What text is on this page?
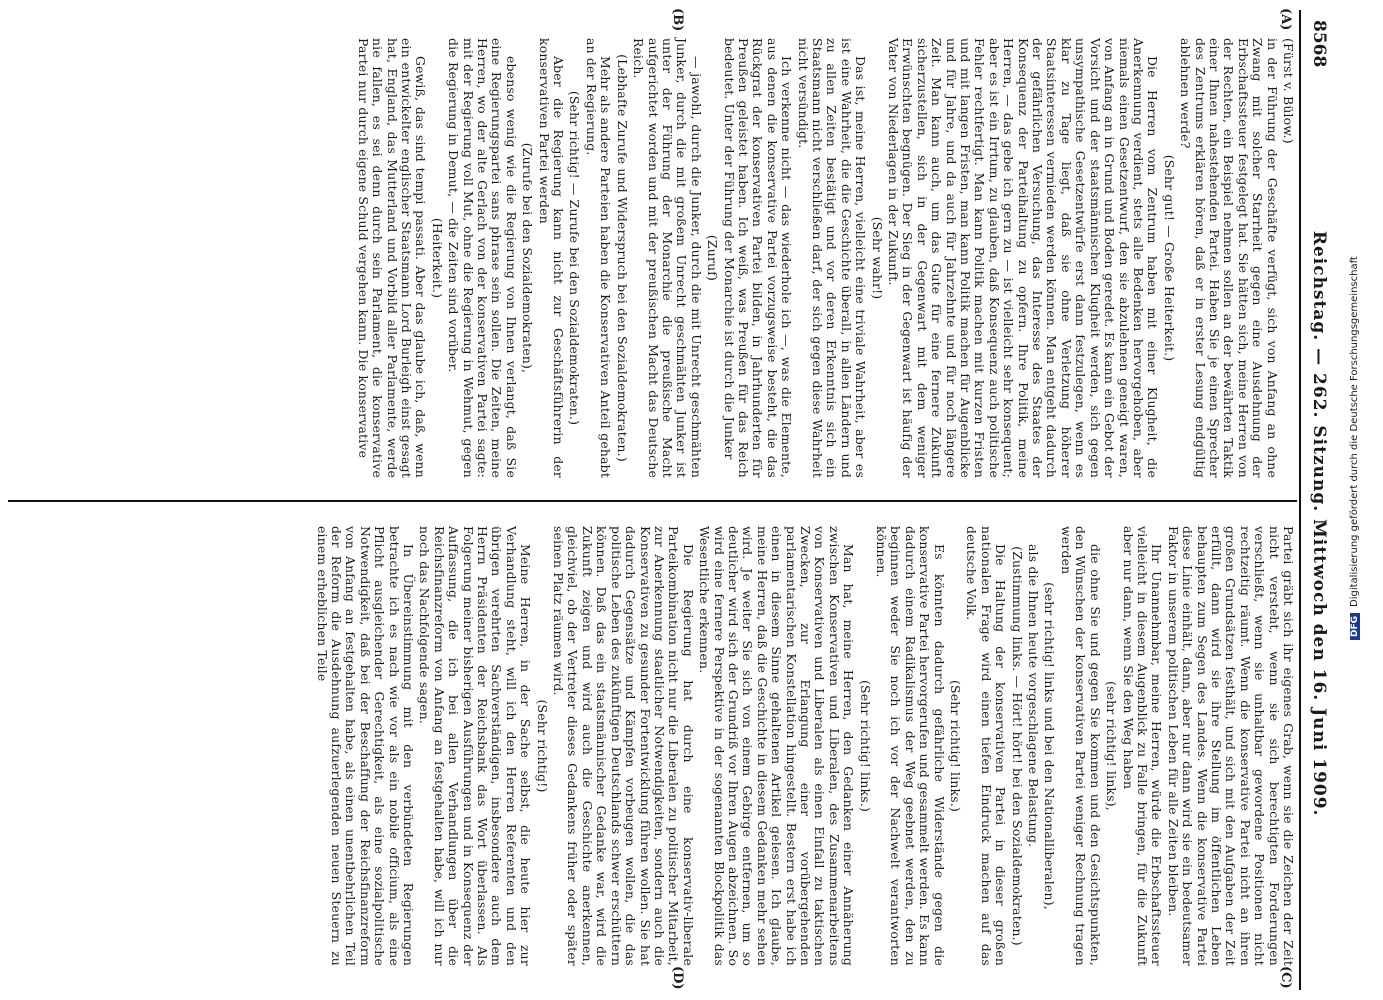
8568
Reichstag. — 262. Sitzung. Mittwoch den 16. Juni 1909.
(A)
(B)
(C)
(D)

(Fürst v. Bülow.)

in der Führung der Geschäfte verfügt, sich von Anfang an ohne Zwang mit solcher Starrheit gegen eine Ausdehnung der Erbschaftssteuer festgelegt hat. Sie hätten sich, meine Herren von der Rechten, ein Beispiel nehmen sollen an der bewährten Taktik einer Ihnen nahestehenden Partei. Haben Sie je einen Sprecher des Zentrums erklären hören, daß er in erster Lesung endgültig ablehnen werde?

(Sehr gut! — Große Heiterkeit.)

Die Herren vom Zentrum haben mit einer Klugheit, die Anerkennung verdient, stets alle Bedenken hervorgehoben, aber niemals einen Gesetzentwurf, den sie abzulehnen geneigt waren, von Anfang an in Grund und Boden geredet. Es kann ein Gebot der Vorsicht und der staatsmännischen Klugheit werden, sich gegen unsympathische Gesetzentwürfe erst dann festzulegen, wenn es klar zu Tage liegt, daß sie ohne Verletzung höherer Staatsinteressen vermieden werden können. Man entgeht dadurch der gefährlichen Versuchung, das Interesse des Staates der Konsequenz der Parteihaltung zu opfern. Ihre Politik, meine Herren, — das gebe ich gern zu — ist vielleicht sehr konsequent; aber es ist ein Irrtum, zu glauben, daß Konsequenz auch politische Fehler rechtfertigt. Man kann Politik machen mit kurzen Fristen und mit langen Fristen, man kann Politik machen für Augenblicke und für Jahre, und da auch für Jahrzehnte und für noch längere Zeit. Man kann auch, um das Gute für eine fernere Zukunft sicherzustellen, sich in der Gegenwart mit dem weniger Erwünschten begnügen. Der Sieg in der Gegenwart ist häufig der Vater von Niederlagen in der Zukunft.

(Sehr wahr!)

Das ist, meine Herren, vielleicht eine triviale Wahrheit, aber es ist eine Wahrheit, die die Geschichte überall, in allen Ländern und zu allen Zeiten bestätigt und vor deren Erkenntnis sich ein Staatsmann nicht verschließen darf, der sich gegen diese Wahrheit nicht versündigt.

Ich verkenne nicht — das wiederhole ich —, was die Elemente, aus denen die konservative Partei vorzugsweise besteht, die das Rückgrat der konservativen Partei bilden, in Jahrhunderten für Preußen geleistet haben. Ich weiß, was Preußen für das Reich bedeutet. Unter der Führung der Monarchie ist durch die Junker

(Zuruf)

— jawohl, durch die Junker, durch die mit Unrecht geschmähten Junker, durch die mit großem Unrecht geschmähten Junker ist unter der Führung der Monarchie die preußische Macht aufgerichtet worden und mit der preußischen Macht das Deutsche Reich.

(Lebhafte Zurufe und Widerspruch bei den Sozialdemokraten.)

Mehr als andere Parteien haben die Konservativen Anteil gehabt an der Regierung.

(Sehr richtig! — Zurufe bei den Sozialdemokraten.)

Aber die Regierung kann nicht zur Geschäftsführerin der konservativen Partei werden

(Zurufe bei den Sozialdemokraten),

ebenso wenig wie die Regierung von Ihnen verlangt, daß Sie eine Regierungspartei sans phrase sein sollen. Die Zeiten, meine Herren, wo der alte Gerlach von der konservativen Partei sagte: mit der Regierung voll Mut, ohne die Regierung in Wehmut, gegen die Regierung in Demut, — die Zeiten sind vorüber.

(Heiterkeit.)

Gewiß, das sind tempi passati. Aber das glaube ich, daß, wenn ein entwickelter englischer Staatsmann Lord Burleigh einst gesagt hat, England, das Mutterland und Vorbild aller Parlamente, werde nie fallen, es sei denn durch sein Parlament, die konservative Partei nur durch eigene Schuld vergehen kann. Die konservative

Partei gräbt sich ihr eigenes Grab, wenn sie die Zeichen der Zeit nicht versteht, wenn sie sich berechtigten Forderungen verschließt, wenn sie unhaltbar gewordene Positionen nicht rechtzeitig räumt. Wenn die konservative Partei nicht an ihren großen Grundsätzen festhält, und sich mit den Aufgaben der Zeit erfüllt, dann wird sie ihre Stellung im öffentlichen Leben behaupten zum Segen des Landes. Wenn die konservative Partei diese Linie einhält, dann, aber nur dann wird sie ein bedeutsamer Faktor in unserem politischen Leben für alle Zeiten bleiben.

Ihr Unannehmbar, meine Herren, würde die Erbschaftssteuer vielleicht in diesem Augenblick zu Falle bringen, für die Zukunft aber nur dann, wenn Sie den Weg haben

(sehr richtig! links),

die ohne Sie und gegen Sie kommen und den Gesichtspunkten, den Wünschen der konservativen Partei weniger Rechnung tragen werden

(sehr richtig! links und bei den Nationalliberalen),

als die Ihnen heute vorgeschlagene Belastung.

(Zustimmung links. — Hört! hört! bei den Sozialdemokraten.)

Die Haltung der konservativen Partei in dieser großen nationalen Frage wird einen tiefen Eindruck machen auf das deutsche Volk.

(Sehr richtig! links.)

Es könnten dadurch gefährliche Widerstände gegen die konservative Partei hervorgerufen und gesammelt werden. Es kann dadurch einem Radikalismus der Weg geebnet werden, den zu beginnen weder Sie noch ich vor der Nachwelt verantworten können.

(Sehr richtig! links.)

Man hat, meine Herren, den Gedanken einer Annäherung zwischen Konservativen und Liberalen, des Zusammenarbeitens von Konservativen und Liberalen als einen Einfall zu taktischen Zwecken, zur Erlangung einer vorübergehenden parlamentarischen Konstellation hingestellt. Bestern erst habe ich einen in diesem Sinne gehaltenen Artikel gelesen. Ich glaube, meine Herren, daß die Geschichte in diesem Gedanken mehr sehen wird. Je weiter Sie sich von einem Gebirge entfernen, um so deutlicher wird sich der Grundriß vor Ihren Augen abzeichnen. So wird eine fernere Perspektive in der sogenannten Blockpolitik das Wesentliche erkennen.

Die Regierung hat durch eine konservativ-liberale Parteikombination nicht nur die Liberalen zu politischer Mitarbeit, zur Anerkennung staatlicher Notwendigkeiten, sondern auch die Konservativen zu gesunder Fortentwicklung führen wollen. Sie hat dadurch Gegensätze und Kämpfen vorbeugen wollen, die das politische Leben des zukünftigen Deutschlands schwer erschüttern können. Daß das ein staatsmännischer Gedanke war, wird die Zukunft zeigen und wird auch die Geschichte anerkennen, gleichviel, ob der Vertreter dieses Gedankens früher oder später seinen Platz räumen wird.

(Sehr richtig!)

Meine Herren, in der Sache selbst, die heute hier zur Verhandlung steht, will ich den Herren Referenten und den übrigen verehrten Sachverständigen, insbesondere auch dem Herrn Präsidenten der Reichsbank das Wort überlassen. Als Folgerung meiner bisherigen Ausführungen und in Konsequenz der Auffassung, die ich bei allen Verhandlungen über die Reichsfinanzreform von Anfang an festgehalten habe, will ich nur noch das Nachfolgende sagen.

In Übereinstimmung mit den verbündeten Regierungen betrachte ich es nach wie vor als ein nobile officium, als eine Pflicht ausgleichender Gerechtigkeit, als eine sozialpolitische Notwendigkeit, daß bei der Beschaffung der Reichsfinanzreform von Anfang an festgehalten habe, als einen unentbehrlichen Teil der Reform die Ausdehnung aufzuerlegenden neuen Steuern zu einem erheblichen Teile	DFGDigitalisierung gefördert durch die Deutsche Forschungsgemeinschaft
